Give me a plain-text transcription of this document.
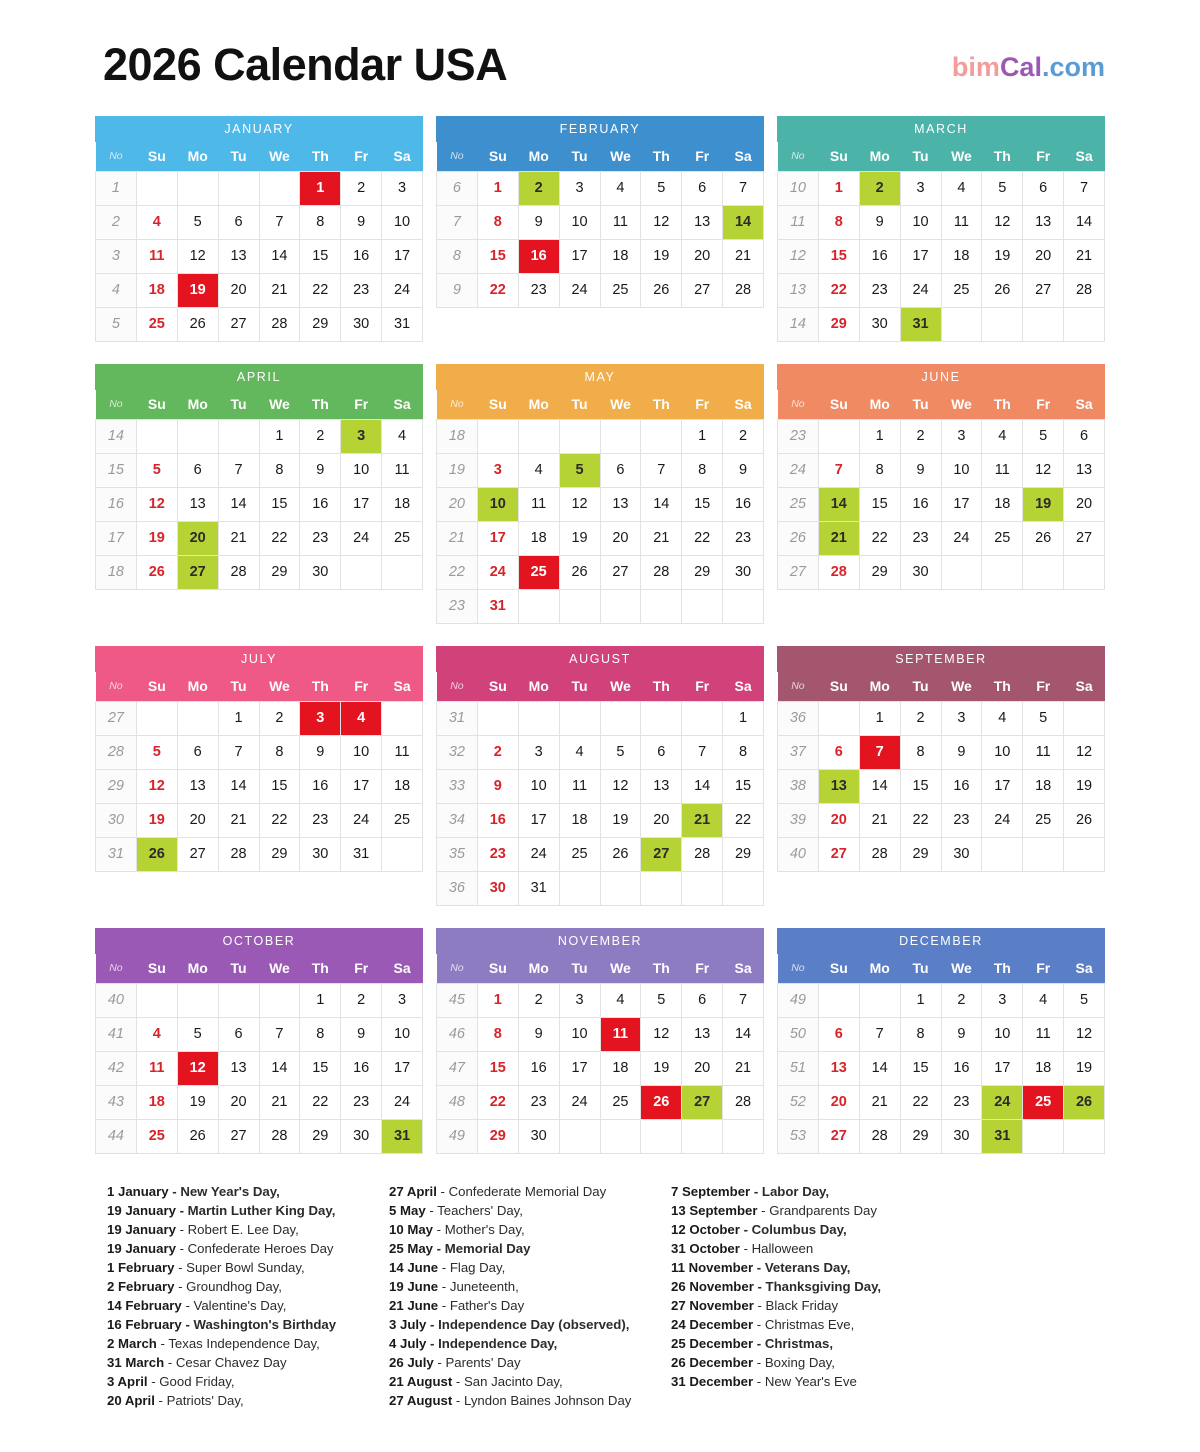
2026 Calendar USA	bimCal.com
JANUARY
No	Su	Mo	Tu	We	Th	Fr	Sa
1					1	2	3
2	4	5	6	7	8	9	10
3	11	12	13	14	15	16	17
4	18	19	20	21	22	23	24
5	25	26	27	28	29	30	31
FEBRUARY
No	Su	Mo	Tu	We	Th	Fr	Sa
6	1	2	3	4	5	6	7
7	8	9	10	11	12	13	14
8	15	16	17	18	19	20	21
9	22	23	24	25	26	27	28
MARCH
No	Su	Mo	Tu	We	Th	Fr	Sa
10	1	2	3	4	5	6	7
11	8	9	10	11	12	13	14
12	15	16	17	18	19	20	21
13	22	23	24	25	26	27	28
14	29	30	31				
APRIL
No	Su	Mo	Tu	We	Th	Fr	Sa
14				1	2	3	4
15	5	6	7	8	9	10	11
16	12	13	14	15	16	17	18
17	19	20	21	22	23	24	25
18	26	27	28	29	30		
MAY
No	Su	Mo	Tu	We	Th	Fr	Sa
18						1	2
19	3	4	5	6	7	8	9
20	10	11	12	13	14	15	16
21	17	18	19	20	21	22	23
22	24	25	26	27	28	29	30
23	31						
JUNE
No	Su	Mo	Tu	We	Th	Fr	Sa
23		1	2	3	4	5	6
24	7	8	9	10	11	12	13
25	14	15	16	17	18	19	20
26	21	22	23	24	25	26	27
27	28	29	30				
JULY
No	Su	Mo	Tu	We	Th	Fr	Sa
27			1	2	3	4	
28	5	6	7	8	9	10	11
29	12	13	14	15	16	17	18
30	19	20	21	22	23	24	25
31	26	27	28	29	30	31	
AUGUST
No	Su	Mo	Tu	We	Th	Fr	Sa
31							1
32	2	3	4	5	6	7	8
33	9	10	11	12	13	14	15
34	16	17	18	19	20	21	22
35	23	24	25	26	27	28	29
36	30	31					
SEPTEMBER
No	Su	Mo	Tu	We	Th	Fr	Sa
36		1	2	3	4	5	
37	6	7	8	9	10	11	12
38	13	14	15	16	17	18	19
39	20	21	22	23	24	25	26
40	27	28	29	30			
OCTOBER
No	Su	Mo	Tu	We	Th	Fr	Sa
40					1	2	3
41	4	5	6	7	8	9	10
42	11	12	13	14	15	16	17
43	18	19	20	21	22	23	24
44	25	26	27	28	29	30	31
NOVEMBER
No	Su	Mo	Tu	We	Th	Fr	Sa
45	1	2	3	4	5	6	7
46	8	9	10	11	12	13	14
47	15	16	17	18	19	20	21
48	22	23	24	25	26	27	28
49	29	30					
DECEMBER
No	Su	Mo	Tu	We	Th	Fr	Sa
49			1	2	3	4	5
50	6	7	8	9	10	11	12
51	13	14	15	16	17	18	19
52	20	21	22	23	24	25	26
53	27	28	29	30	31		
1 January - New Year's Day,
19 January - Martin Luther King Day,
19 January - Robert E. Lee Day,
19 January - Confederate Heroes Day
1 February - Super Bowl Sunday,
2 February - Groundhog Day,
14 February - Valentine's Day,
16 February - Washington's Birthday
2 March - Texas Independence Day,
31 March - Cesar Chavez Day
3 April - Good Friday,
20 April - Patriots' Day,
27 April - Confederate Memorial Day
5 May - Teachers' Day,
10 May - Mother's Day,
25 May - Memorial Day
14 June - Flag Day,
19 June - Juneteenth,
21 June - Father's Day
3 July - Independence Day (observed),
4 July - Independence Day,
26 July - Parents' Day
21 August - San Jacinto Day,
27 August - Lyndon Baines Johnson Day
7 September - Labor Day,
13 September - Grandparents Day
12 October - Columbus Day,
31 October - Halloween
11 November - Veterans Day,
26 November - Thanksgiving Day,
27 November - Black Friday
24 December - Christmas Eve,
25 December - Christmas,
26 December - Boxing Day,
31 December - New Year's Eve
